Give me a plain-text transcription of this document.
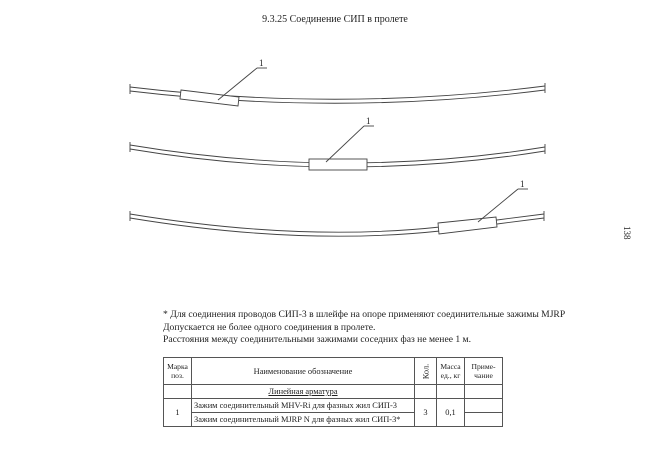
9.3.25 Соединение СИП в пролете
1
1
1
138
* Для соединения проводов СИП-3 в шлейфе на опоре применяют соединительные зажимы MJRP
Допускается не более одного соединения в пролете.
Расстояния между соединительными зажимами соседних фаз не менее 1 м.
Марка поз.	Наименование обозначение	Кол.	Масса ед., кг	Приме-чание
	Линейная арматура			
1	Зажим соединительный MHV-Ri для фазных жил СИП-3	3	0,1	
	Зажим соединительный MJRP N для фазных жил СИП-3*			
